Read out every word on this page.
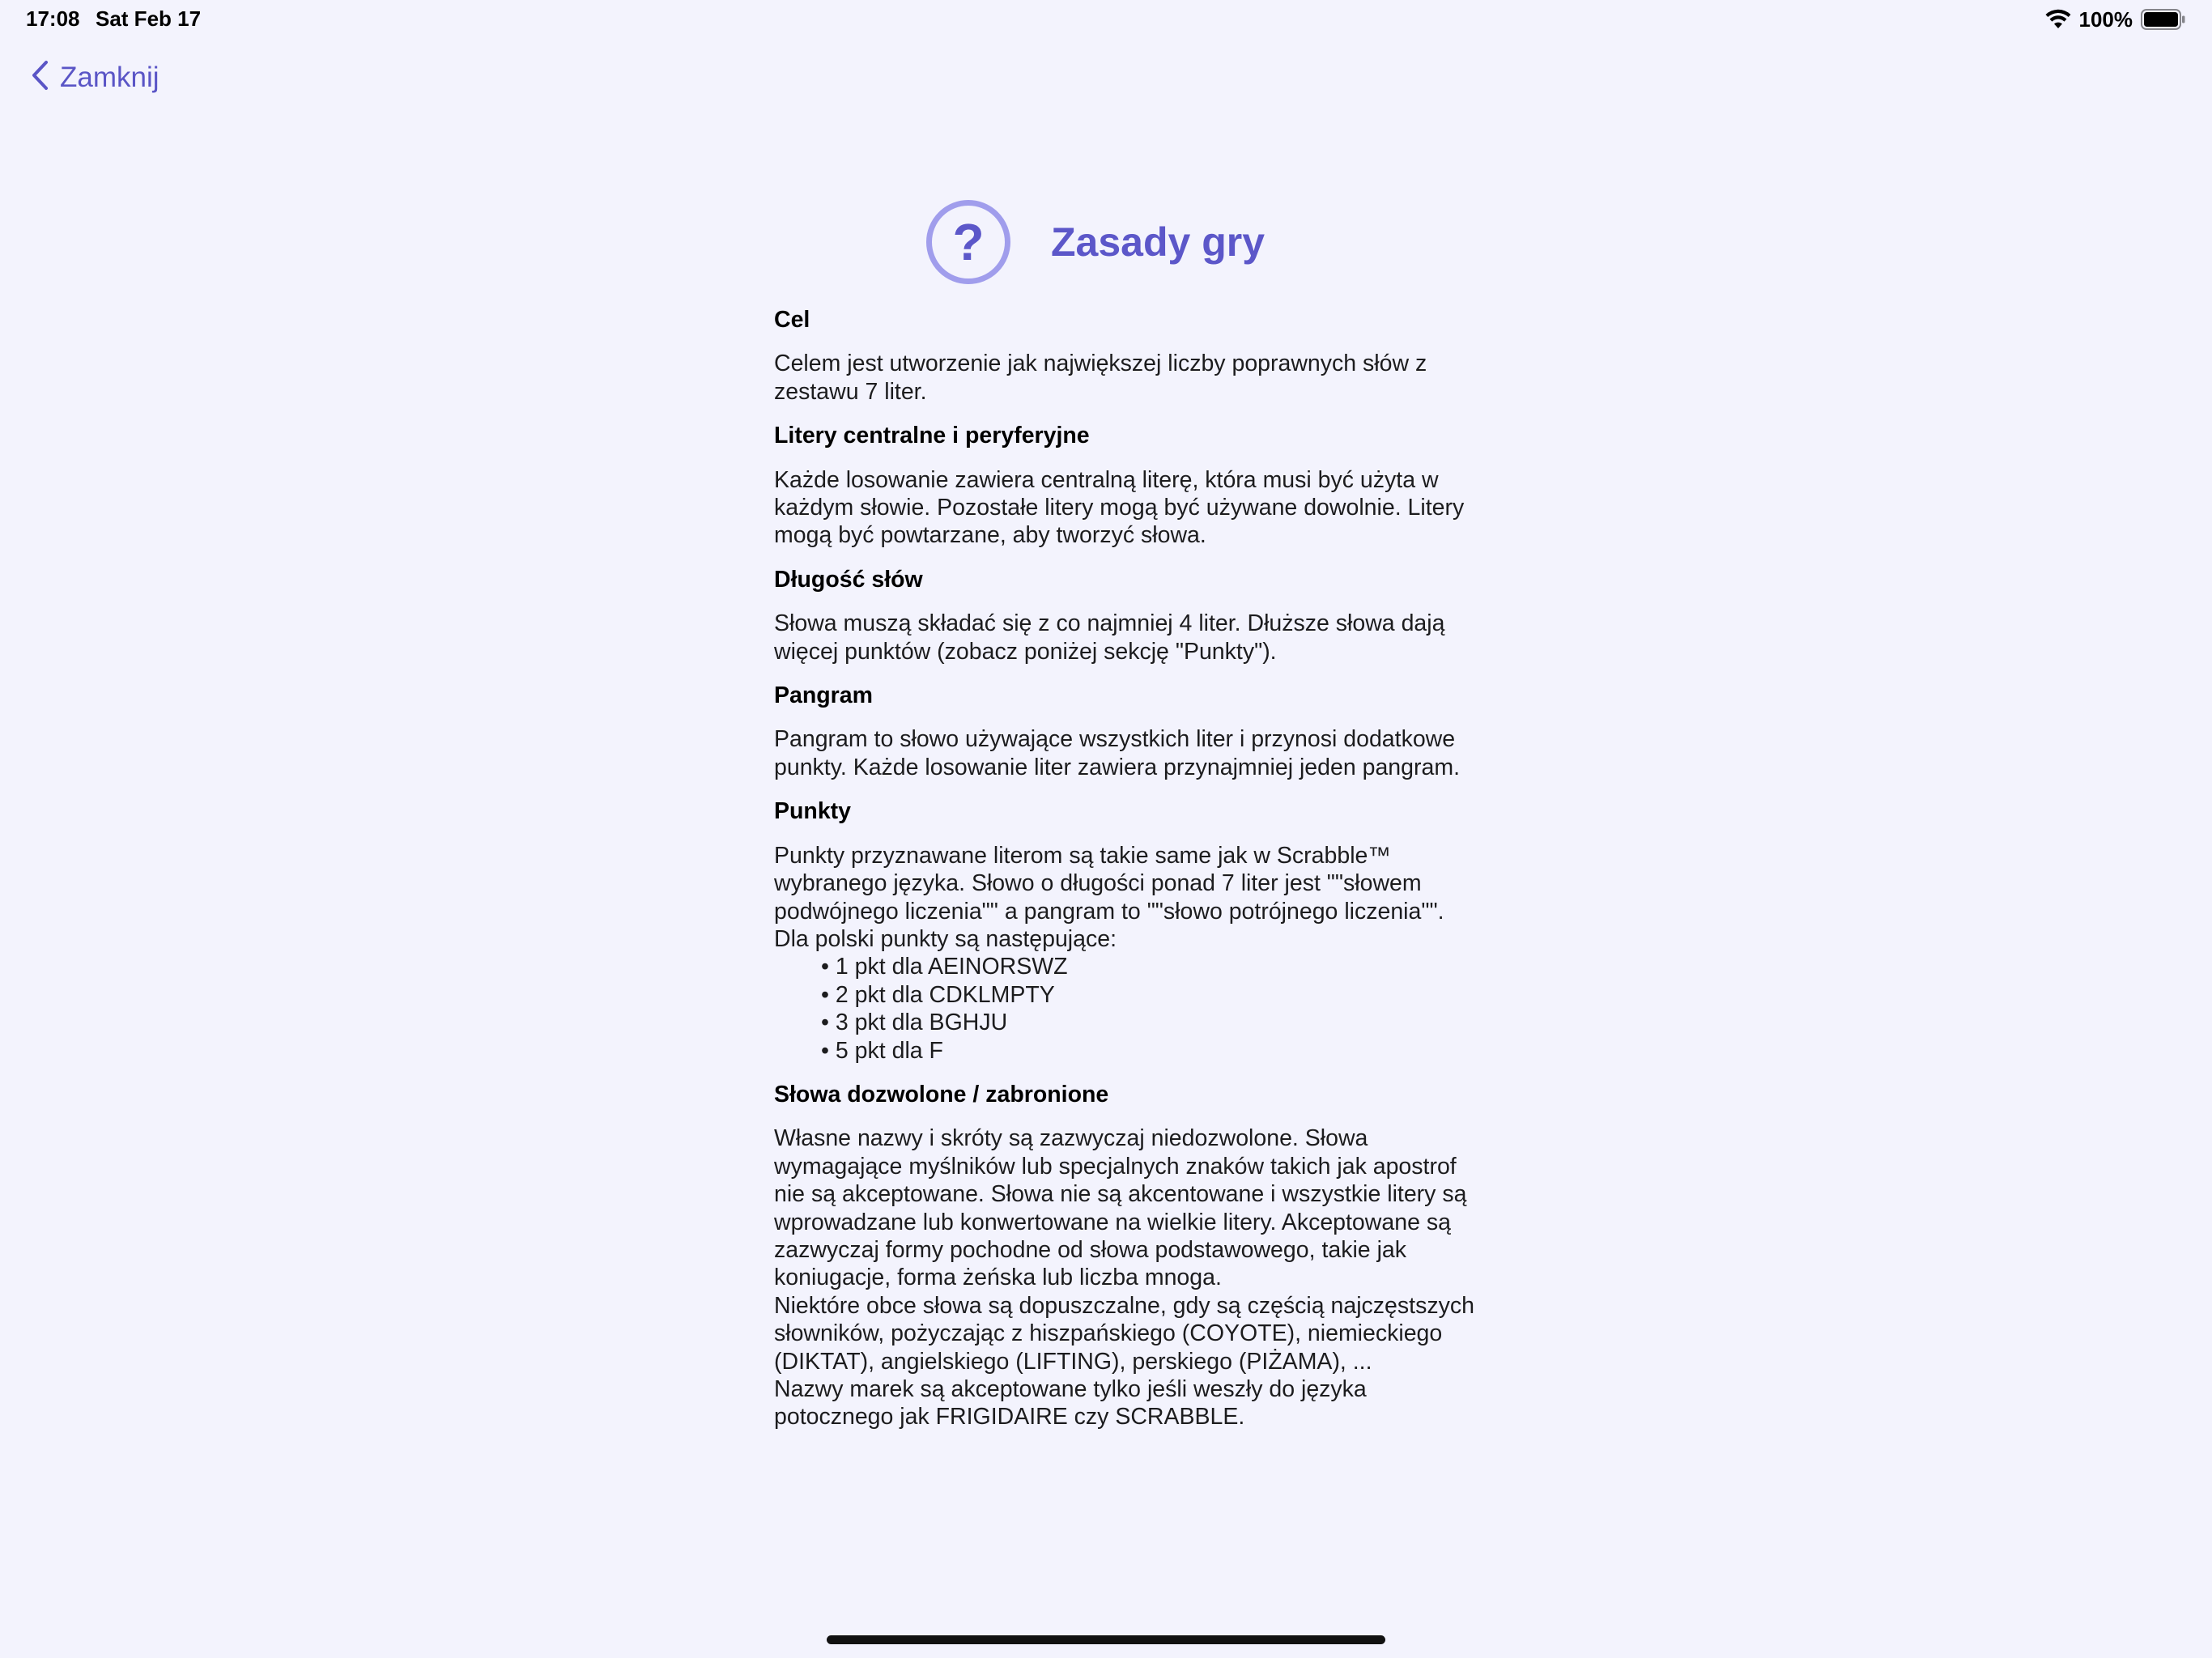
17:08 Sat Feb 17	100%
Zamknij
? Zasady gry
Cel
Celem jest utworzenie jak największej liczby poprawnych słów z zestawu 7 liter.
Litery centralne i peryferyjne
Każde losowanie zawiera centralną literę, która musi być użyta w każdym słowie. Pozostałe litery mogą być używane dowolnie. Litery mogą być powtarzane, aby tworzyć słowa.
Długość słów
Słowa muszą składać się z co najmniej 4 liter. Dłuższe słowa dają więcej punktów (zobacz poniżej sekcję "Punkty").
Pangram
Pangram to słowo używające wszystkich liter i przynosi dodatkowe punkty. Każde losowanie liter zawiera przynajmniej jeden pangram.
Punkty
Punkty przyznawane literom są takie same jak w Scrabble™ wybranego języka. Słowo o długości ponad 7 liter jest ""słowem podwójnego liczenia"" a pangram to ""słowo potrójnego liczenia"".
Dla polski punkty są następujące:
• 1 pkt dla AEINORSWZ
• 2 pkt dla CDKLMPTY
• 3 pkt dla BGHJU
• 5 pkt dla F
Słowa dozwolone / zabronione
Własne nazwy i skróty są zazwyczaj niedozwolone. Słowa wymagające myślników lub specjalnych znaków takich jak apostrof nie są akceptowane. Słowa nie są akcentowane i wszystkie litery są wprowadzane lub konwertowane na wielkie litery. Akceptowane są zazwyczaj formy pochodne od słowa podstawowego, takie jak koniugacje, forma żeńska lub liczba mnoga.
Niektóre obce słowa są dopuszczalne, gdy są częścią najczęstszych słowników, pożyczając z hiszpańskiego (COYOTE), niemieckiego (DIKTAT), angielskiego (LIFTING), perskiego (PIŻAMA), ...
Nazwy marek są akceptowane tylko jeśli weszły do języka potocznego jak FRIGIDAIRE czy SCRABBLE.
